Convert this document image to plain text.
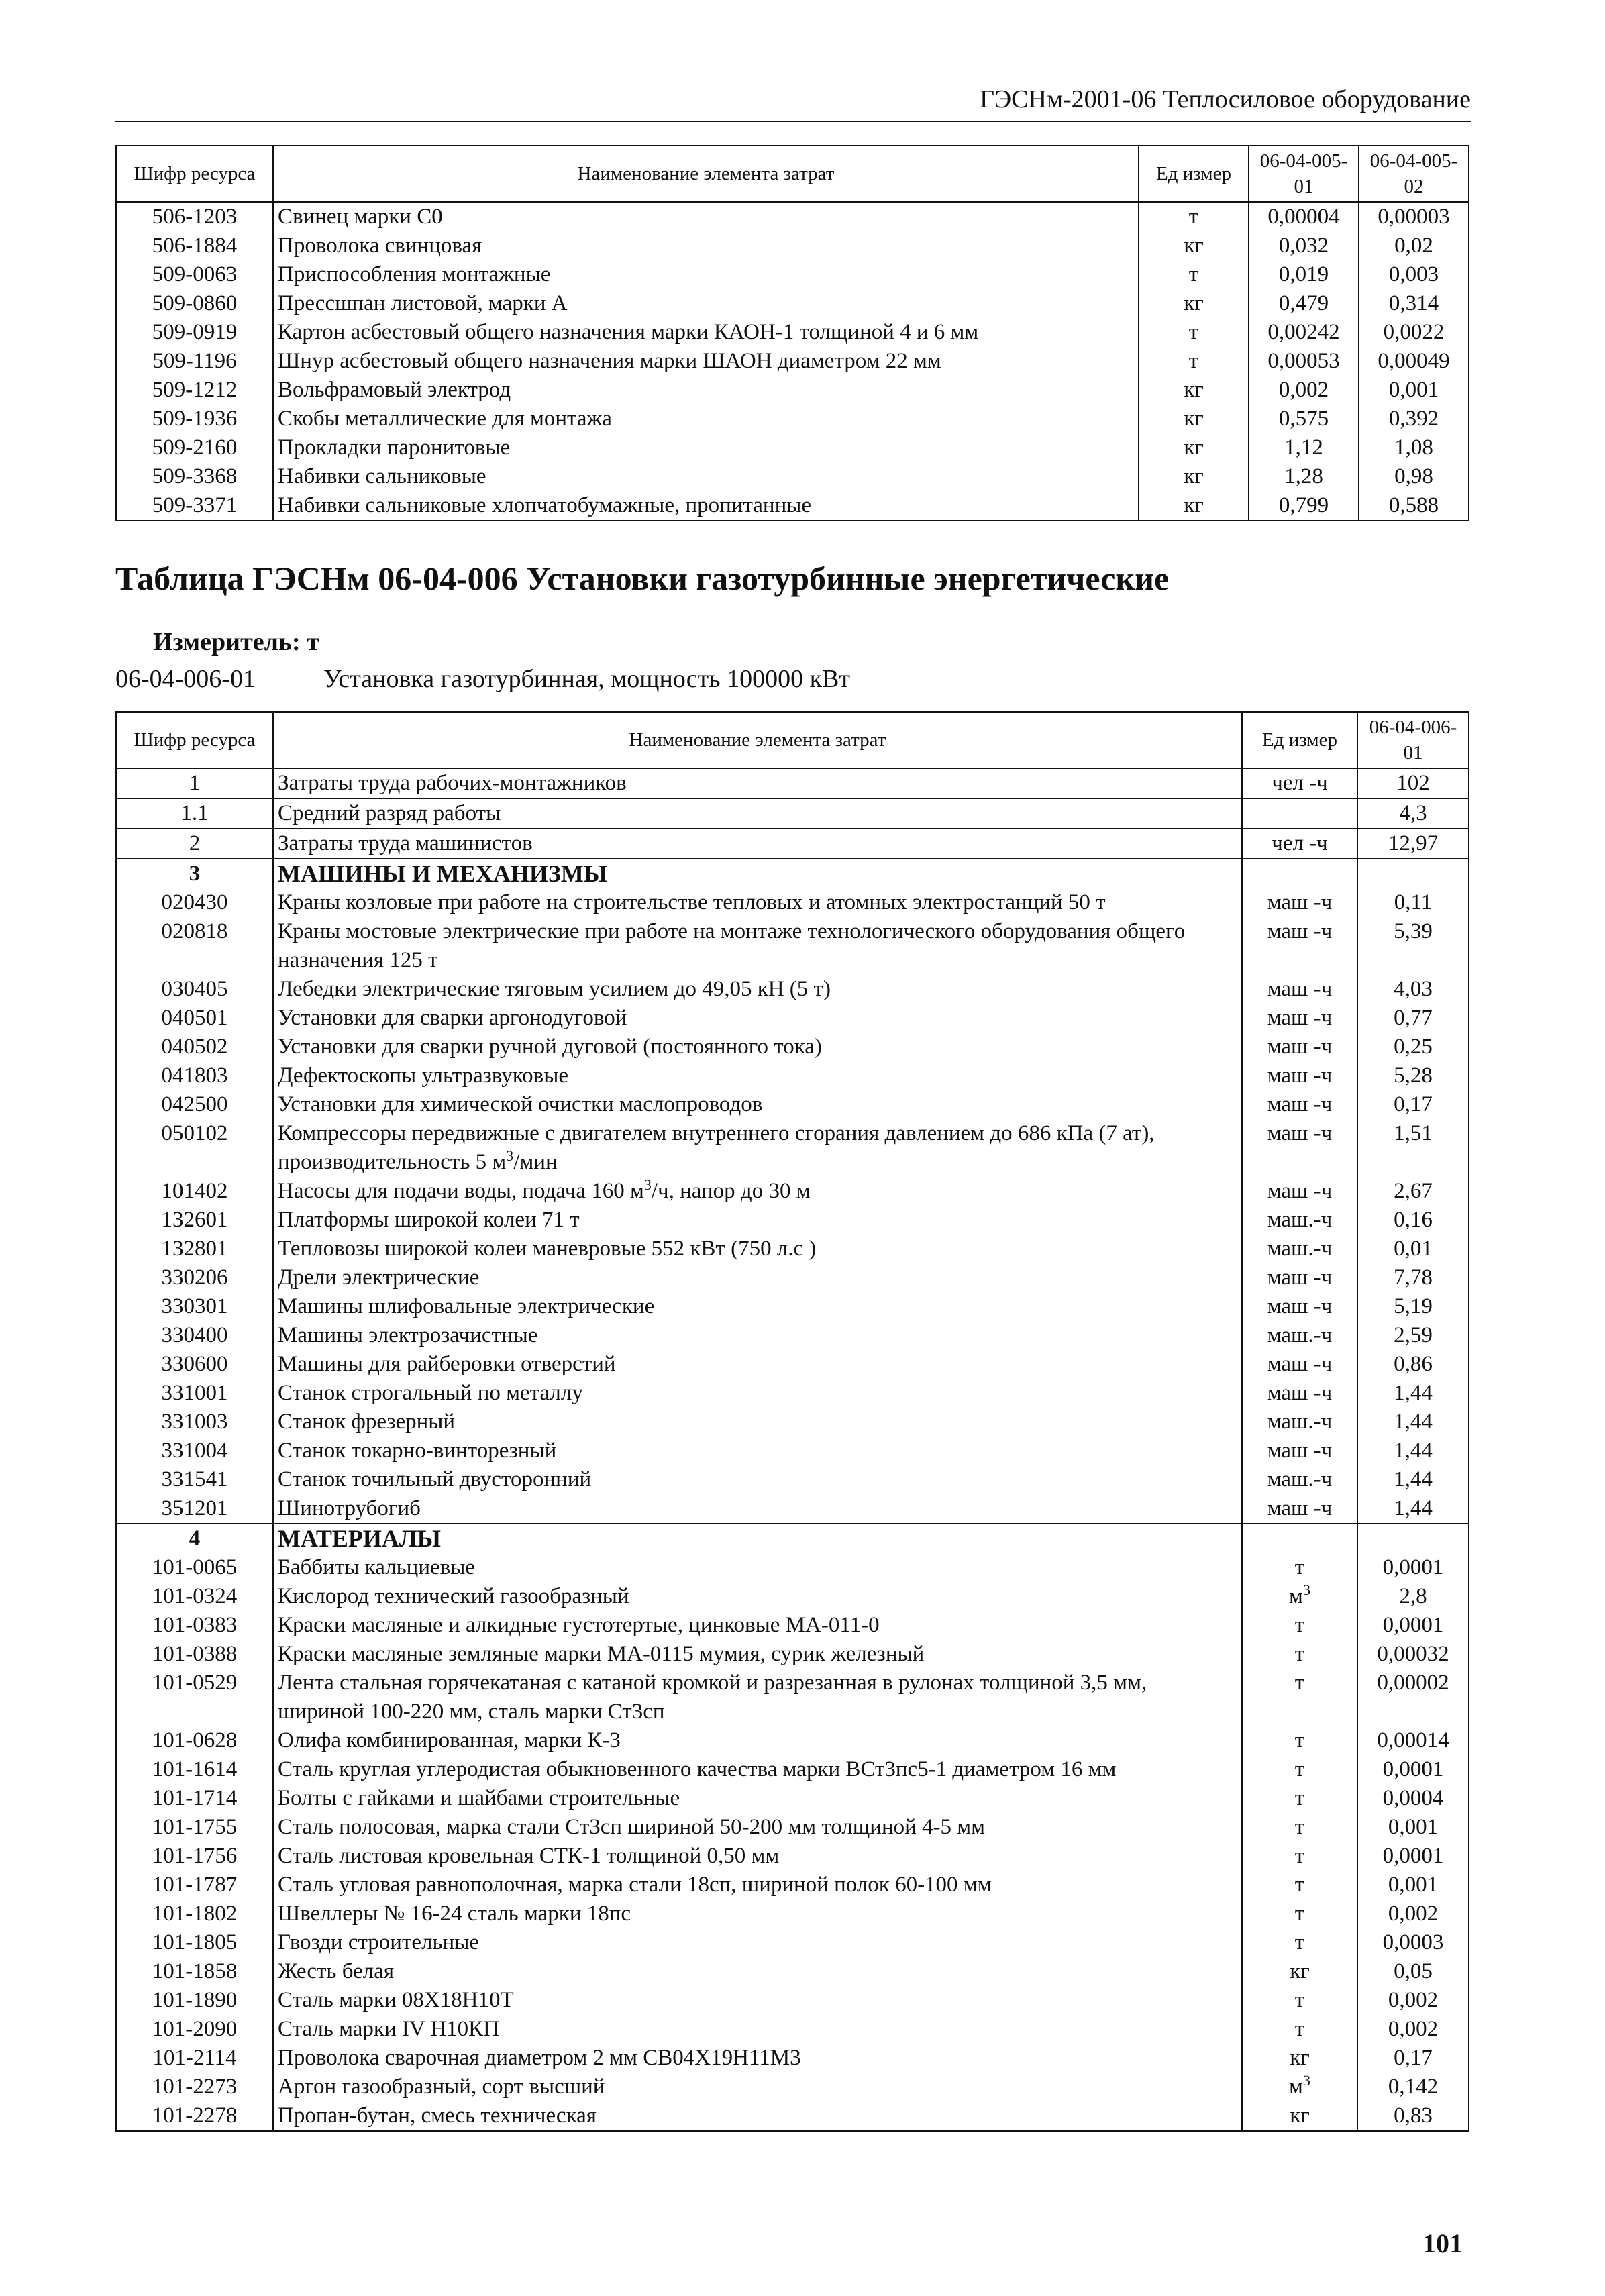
ГЭСНм-2001-06 Теплосиловое оборудование
Шифр ресурса	Наименование элемента затрат	Ед измер	06-04-005-01	06-04-005-02
506-1203	Свинец марки С0	т	0,00004	0,00003
506-1884	Проволока свинцовая	кг	0,032	0,02
509-0063	Приспособления монтажные	т	0,019	0,003
509-0860	Прессшпан листовой, марки А	кг	0,479	0,314
509-0919	Картон асбестовый общего назначения марки КАОН-1 толщиной 4 и 6 мм	т	0,00242	0,0022
509-1196	Шнур асбестовый общего назначения марки ШАОН диаметром 22 мм	т	0,00053	0,00049
509-1212	Вольфрамовый электрод	кг	0,002	0,001
509-1936	Скобы металлические для монтажа	кг	0,575	0,392
509-2160	Прокладки паронитовые	кг	1,12	1,08
509-3368	Набивки сальниковые	кг	1,28	0,98
509-3371	Набивки сальниковые хлопчатобумажные, пропитанные	кг	0,799	0,588
Таблица ГЭСНм 06-04-006 Установки газотурбинные энергетические
Измеритель: т
06-04-006-01	Установка газотурбинная, мощность 100000 кВт
Шифр ресурса	Наименование элемента затрат	Ед измер	06-04-006-01
1	Затраты труда рабочих-монтажников	чел -ч	102
1.1	Средний разряд работы		4,3
2	Затраты труда машинистов	чел -ч	12,97
3	МАШИНЫ И МЕХАНИЗМЫ		
020430	Краны козловые при работе на строительстве тепловых и атомных электростанций 50 т	маш -ч	0,11
020818	Краны мостовые электрические при работе на монтаже технологического оборудования общего назначения 125 т	маш -ч	5,39
030405	Лебедки электрические тяговым усилием до 49,05 кН (5 т)	маш -ч	4,03
040501	Установки для сварки аргонодуговой	маш -ч	0,77
040502	Установки для сварки ручной дуговой (постоянного тока)	маш -ч	0,25
041803	Дефектоскопы ультразвуковые	маш -ч	5,28
042500	Установки для химической очистки маслопроводов	маш -ч	0,17
050102	Компрессоры передвижные с двигателем внутреннего сгорания давлением до 686 кПа (7 ат), производительность 5 $м^3$/мин	маш -ч	1,51
101402	Насосы для подачи воды, подача 160 $м^3/ч$, напор до 30 м	маш -ч	2,67
132601	Платформы широкой колеи 71 т	маш.-ч	0,16
132801	Тепловозы широкой колеи маневровые 552 кВт (750 л.с )	маш.-ч	0,01
330206	Дрели электрические	маш -ч	7,78
330301	Машины шлифовальные электрические	маш -ч	5,19
330400	Машины электрозачистные	маш.-ч	2,59
330600	Машины для райберовки отверстий	маш -ч	0,86
331001	Станок строгальный по металлу	маш -ч	1,44
331003	Станок фрезерный	маш.-ч	1,44
331004	Станок токарно-винторезный	маш -ч	1,44
331541	Станок точильный двусторонний	маш.-ч	1,44
351201	Шинотрубогиб	маш -ч	1,44
4	МАТЕРИАЛЫ		
101-0065	Баббиты кальциевые	т	0,0001
101-0324	Кислород технический газообразный	$м^3$	2,8
101-0383	Краски масляные и алкидные густотертые, цинковые МА-011-0	т	0,0001
101-0388	Краски масляные земляные марки МА-0115 мумия, сурик железный	т	0,00032
101-0529	Лента стальная горячекатаная с катаной кромкой и разрезанная в рулонах толщиной 3,5 мм, шириной 100-220 мм, сталь марки Ст3сп	т	0,00002
101-0628	Олифа комбинированная, марки К-3	т	0,00014
101-1614	Сталь круглая углеродистая обыкновенного качества марки ВСт3пс5-1 диаметром 16 мм	т	0,0001
101-1714	Болты с гайками и шайбами строительные	т	0,0004
101-1755	Сталь полосовая, марка стали Ст3сп шириной 50-200 мм толщиной 4-5 мм	т	0,001
101-1756	Сталь листовая кровельная СТК-1 толщиной 0,50 мм	т	0,0001
101-1787	Сталь угловая равнополочная, марка стали 18сп, шириной полок 60-100 мм	т	0,001
101-1802	Швеллеры № 16-24 сталь марки 18пс	т	0,002
101-1805	Гвозди строительные	т	0,0003
101-1858	Жесть белая	кг	0,05
101-1890	Сталь марки 08Х18Н10Т	т	0,002
101-2090	Сталь марки IV Н10КП	т	0,002
101-2114	Проволока сварочная диаметром 2 мм СВ04Х19Н11М3	кг	0,17
101-2273	Аргон газообразный, сорт высший	$м^3$	0,142
101-2278	Пропан-бутан, смесь техническая	кг	0,83
101
